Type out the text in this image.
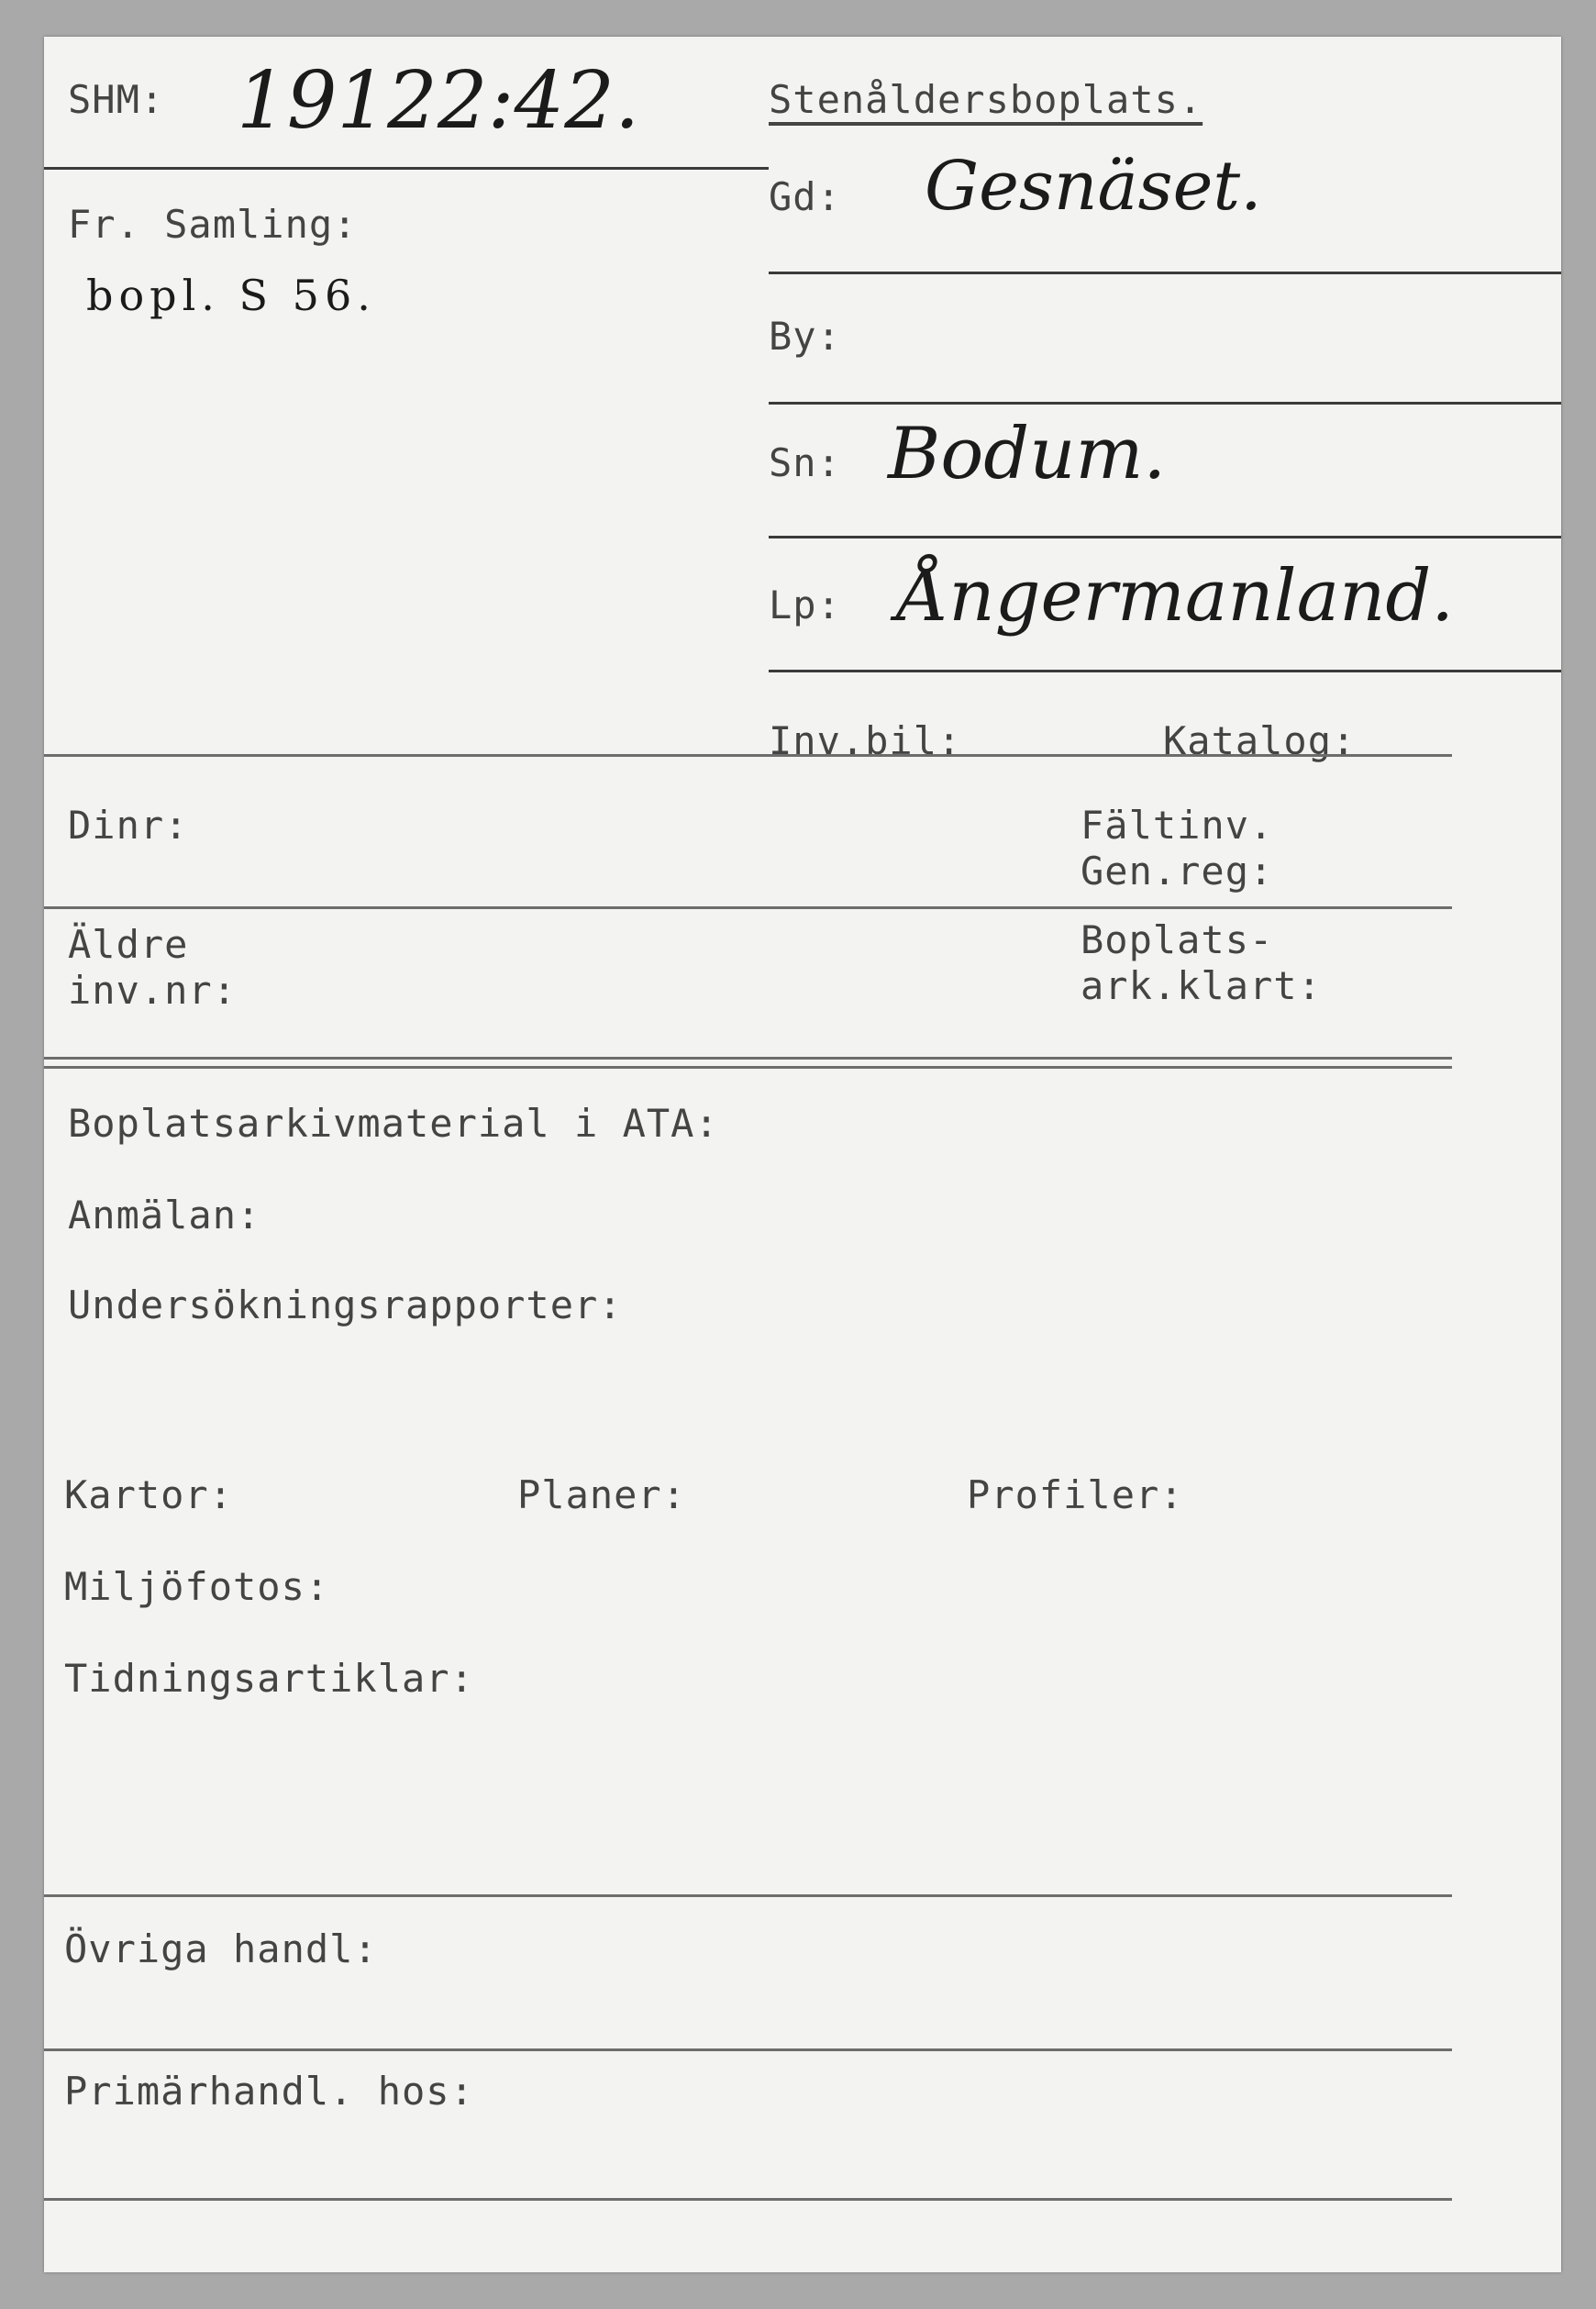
SHM: 19122:42.
Fr. Samling:
bopl. S 56.
Stenåldersboplats.
Gd: Gesnäset.
By:
Sn: Bodum.
Lp: Ångermanland.
Inv.bil:	Katalog:
Dinr:	Fältinv.
Gen.reg:
Äldre
inv.nr:
Boplats-
ark.klart:
Boplatsarkivmaterial i ATA:
Anmälan:
Undersökningsrapporter:
Kartor:	Planer:	Profiler:
Miljöfotos:
Tidningsartiklar:
Övriga handl:
Primärhandl. hos:
